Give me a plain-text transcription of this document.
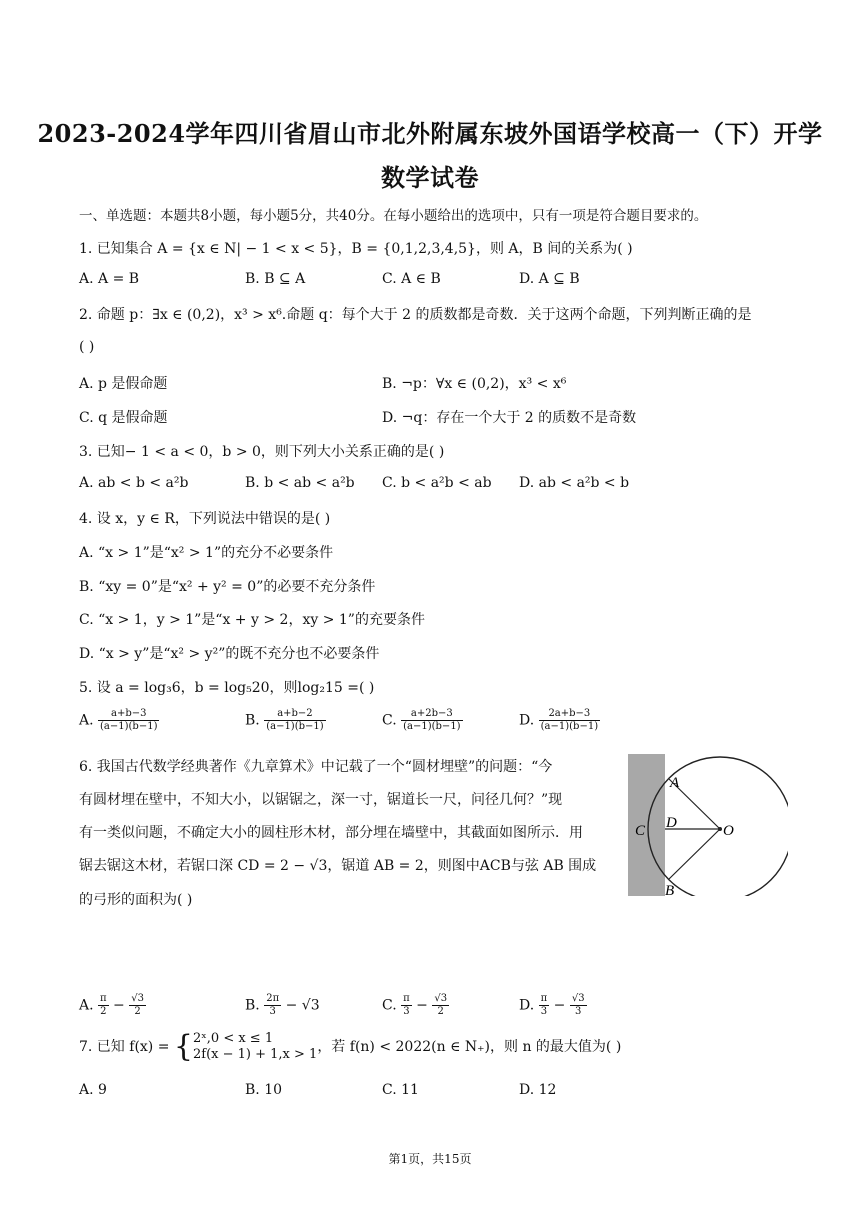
2023-2024学年四川省眉山市北外附属东坡外国语学校高一（下）开学
数学试卷
一、单选题：本题共8小题，每小题5分，共40分。在每小题给出的选项中，只有一项是符合题目要求的。
1. 已知集合 A = {x ∈ N| − 1 < x < 5}，B = {0,1,2,3,4,5}，则 A，B 间的关系为( )
A. A = B	B. B ⊆ A	C. A ∈ B	D. A ⊆ B
2. 命题 p：∃x ∈ (0,2)，x³ > x⁶.命题 q：每个大于 2 的质数都是奇数．关于这两个命题，下列判断正确的是
( )
A. p 是假命题	B. ¬p：∀x ∈ (0,2)，x³ < x⁶
C. q 是假命题	D. ¬q：存在一个大于 2 的质数不是奇数
3. 已知− 1 < a < 0，b > 0，则下列大小关系正确的是( )
A. ab < b < a²b	B. b < ab < a²b C. b < a²b < ab D. ab < a²b < b
4. 设 x，y ∈ R，下列说法中错误的是( )
A. “x > 1”是“x² > 1”的充分不必要条件
B. “xy = 0”是“x² + y² = 0”的必要不充分条件
C. “x > 1，y > 1”是“x + y > 2，xy > 1”的充要条件
D. “x > y”是“x² > y²”的既不充分也不必要条件
5. 设 a = log₃6，b = log₅20，则log₂15 =( )
A. $\frac{a+b-3}{(a-1)(b-1)}$	B. $\frac{a+b-2}{(a-1)(b-1)}$	C. $\frac{a+2b-3}{(a-1)(b-1)}$	D. $\frac{2a+b-3}{(a-1)(b-1)}$
6. 我国古代数学经典著作《九章算术》中记载了一个“圆材埋壁”的问题：“今
有圆材埋在壁中，不知大小，以锯锯之，深一寸，锯道长一尺，问径几何？”现
有一类似问题，不确定大小的圆柱形木材，部分埋在墙壁中，其截面如图所示．用
锯去锯这木材，若锯口深 CD = 2 − √3，锯道 AB = 2，则图中ACB与弦 AB 围成
的弓形的面积为( )
A
B
C D	O
A. $\frac{\pi}{2} - \frac{√3}{2}$	B. $\frac{2\pi}{3} - √3$	C. $\frac{\pi}{3} - \frac{√3}{2}$	D. $\frac{\pi}{3} - \frac{√3}{3}$
7. 已知 f(x) = { 2ˣ,0 < x ≤ 1
2f(x − 1) + 1,x > 1 ，若 f(n) < 2022(n ∈ N₊)，则 n 的最大值为( )
A. 9	B. 10	C. 11	D. 12
第1页，共15页
